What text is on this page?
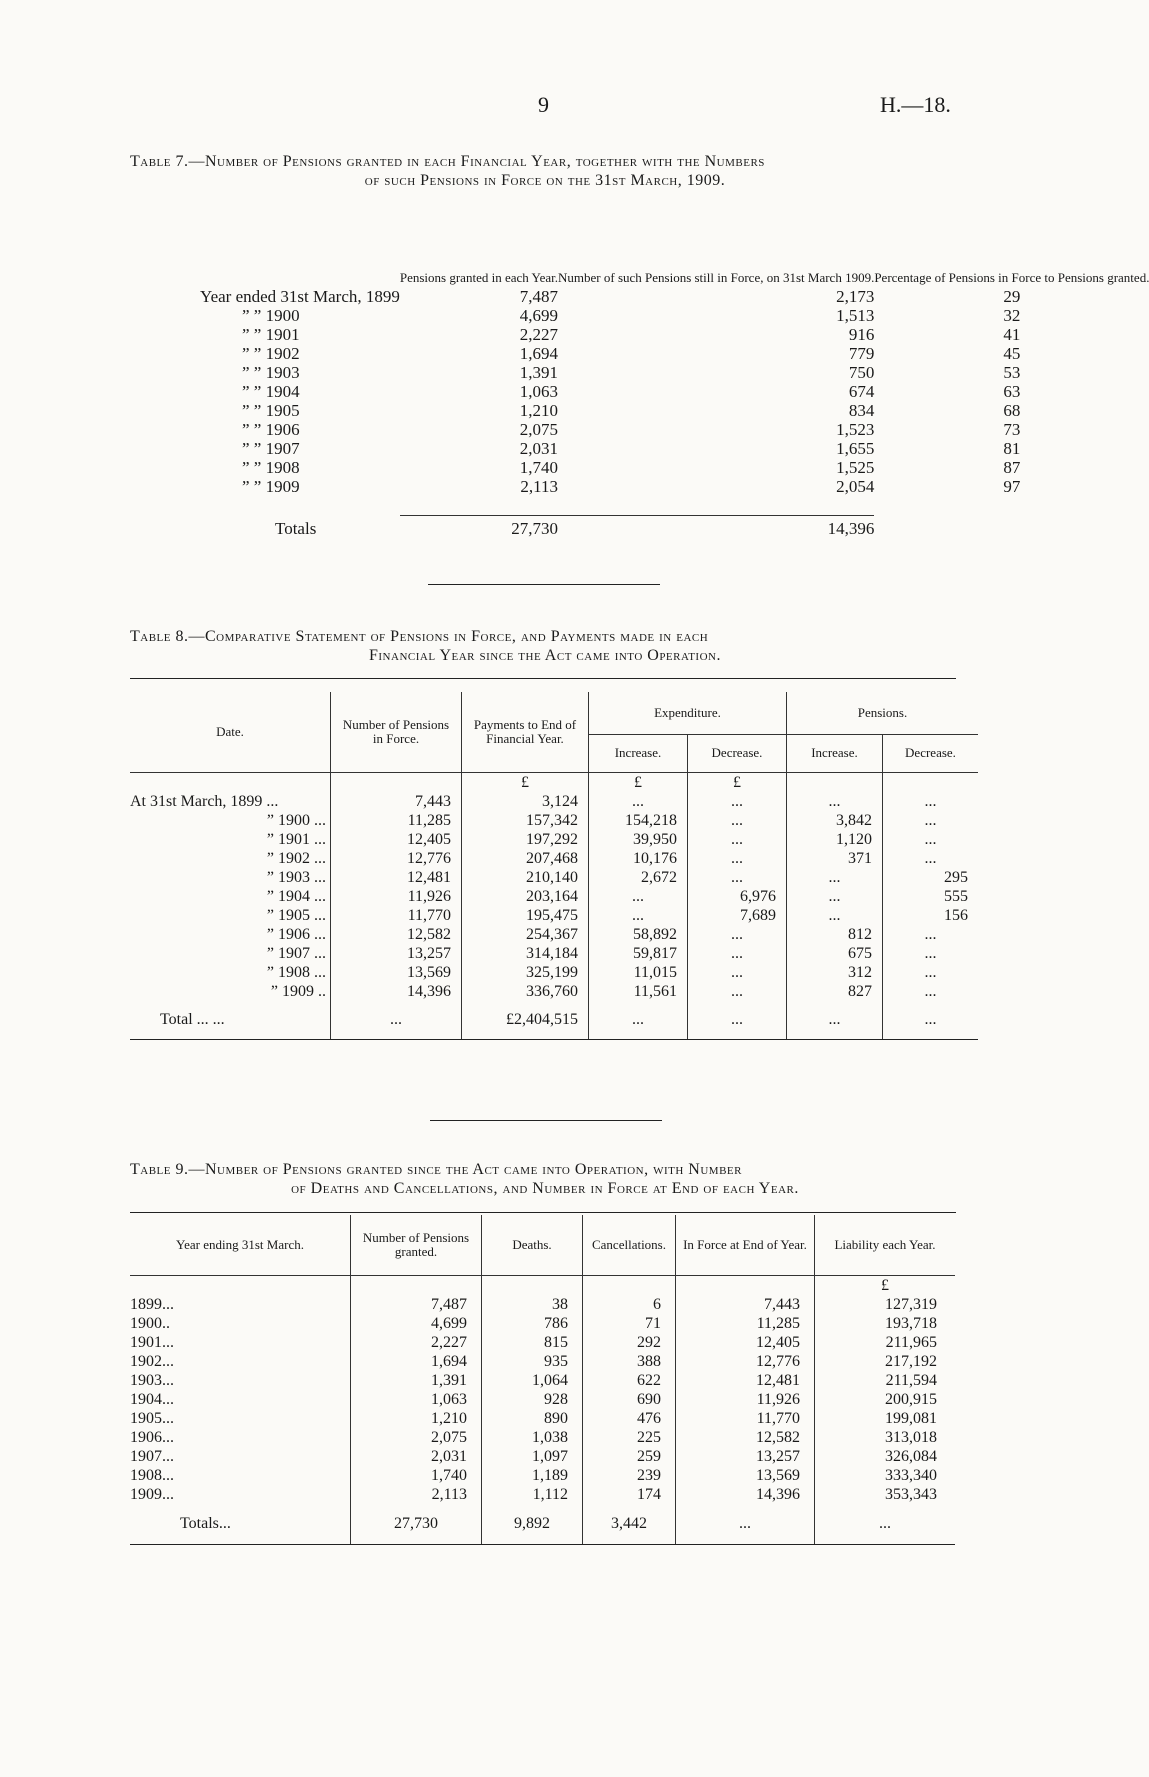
9	H.—18.
Table 7.—Number of Pensions granted in each Financial Year, together with the Numbers
of such Pensions in Force on the 31st March, 1909.
	Pensions granted in each Year.	Number of such Pensions still in Force, on 31st March 1909.	Percentage of Pensions in Force to Pensions granted.
Year ended 31st March, 1899	7,487	2,173	29
” ” 1900	4,699	1,513	32
” ” 1901	2,227	916	41
” ” 1902	1,694	779	45
” ” 1903	1,391	750	53
” ” 1904	1,063	674	63
” ” 1905	1,210	834	68
” ” 1906	2,075	1,523	73
” ” 1907	2,031	1,655	81
” ” 1908	1,740	1,525	87
” ” 1909	2,113	2,054	97

Totals	27,730	14,396	
Table 8.—Comparative Statement of Pensions in Force, and Payments made in each
Financial Year since the Act came into Operation.
Date.	Number of Pensions in Force.	Payments to End of Financial Year.	Expenditure.		Pensions.	
			Increase.	Decrease.	Increase.	Decrease.
		£	£	£		
At 31st March, 1899 ...	7,443	3,124	...	...	...	...
” 1900 ...	11,285	157,342	154,218	...	3,842	...
” 1901 ...	12,405	197,292	39,950	...	1,120	...
” 1902 ...	12,776	207,468	10,176	...	371	...
” 1903 ...	12,481	210,140	2,672	...	...	295
” 1904 ...	11,926	203,164	...	6,976	...	555
” 1905 ...	11,770	195,475	...	7,689	...	156
” 1906 ...	12,582	254,367	58,892	...	812	...
” 1907 ...	13,257	314,184	59,817	...	675	...
” 1908 ...	13,569	325,199	11,015	...	312	...
” 1909 ..	14,396	336,760	11,561	...	827	...
Total ... ...	...	£2,404,515	...	...	...	...
Table 9.—Number of Pensions granted since the Act came into Operation, with Number
of Deaths and Cancellations, and Number in Force at End of each Year.
Year ending 31st March.	Number of Pensions granted.	Deaths.	Cancellations.	In Force at End of Year.	Liability each Year.
					£
1899...	7,487	38	6	7,443	127,319
1900..	4,699	786	71	11,285	193,718
1901...	2,227	815	292	12,405	211,965
1902...	1,694	935	388	12,776	217,192
1903...	1,391	1,064	622	12,481	211,594
1904...	1,063	928	690	11,926	200,915
1905...	1,210	890	476	11,770	199,081
1906...	2,075	1,038	225	12,582	313,018
1907...	2,031	1,097	259	13,257	326,084
1908...	1,740	1,189	239	13,569	333,340
1909...	2,113	1,112	174	14,396	353,343
Totals...	27,730	9,892	3,442	...	...
